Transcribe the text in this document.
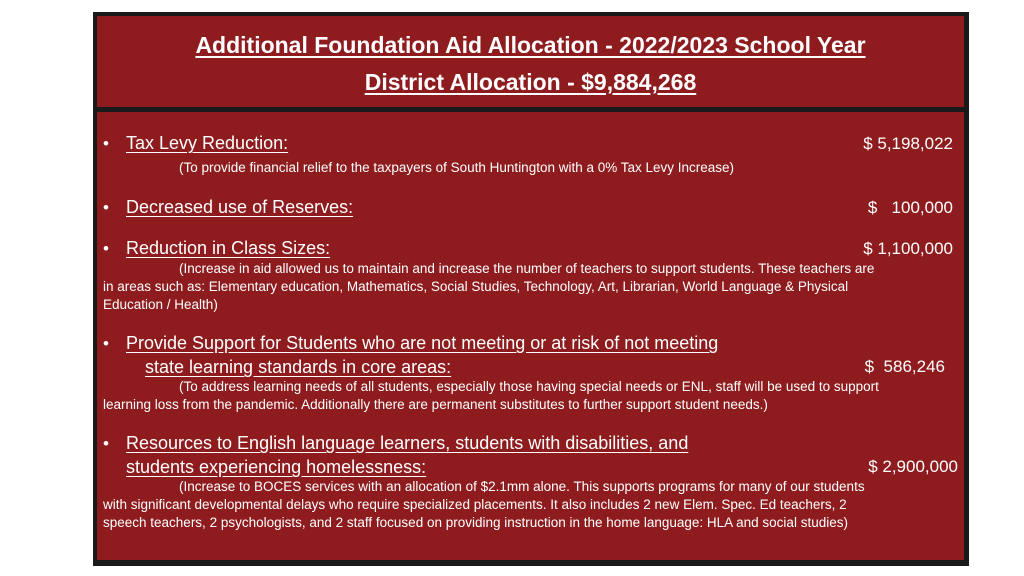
Additional Foundation Aid Allocation - 2022/2023 School Year
District Allocation - $9,884,268
• Tax Levy Reduction:	$ 5,198,022
(To provide financial relief to the taxpayers of South Huntington with a 0% Tax Levy Increase)
• Decreased use of Reserves:	$   100,000
• Reduction in Class Sizes:	$ 1,100,000
(Increase in aid allowed us to maintain and increase the number of teachers to support students. These teachers are
in areas such as: Elementary education, Mathematics, Social Studies, Technology, Art, Librarian, World Language & Physical
Education / Health)
• Provide Support for Students who are not meeting or at risk of not meeting
state learning standards in core areas:	$  586,246
(To address learning needs of all students, especially those having special needs or ENL, staff will be used to support
learning loss from the pandemic. Additionally there are permanent substitutes to further support student needs.)
• Resources to English language learners, students with disabilities, and
students experiencing homelessness:	$ 2,900,000
(Increase to BOCES services with an allocation of $2.1mm alone. This supports programs for many of our students
with significant developmental delays who require specialized placements. It also includes 2 new Elem. Spec. Ed teachers, 2
speech teachers, 2 psychologists, and 2 staff focused on providing instruction in the home language: HLA and social studies)
